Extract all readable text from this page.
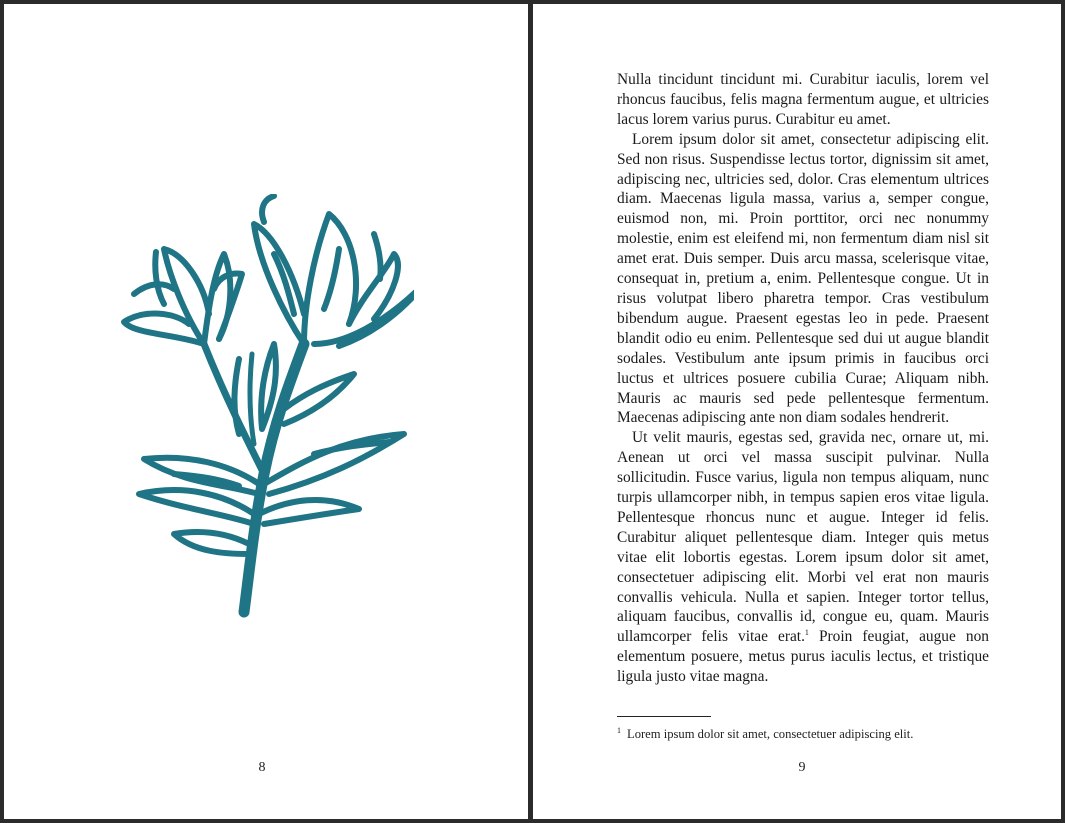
8

Nulla tincidunt tincidunt mi. Curabitur iaculis, lorem vel rhoncus faucibus, felis magna fermentum augue, et ultricies lacus lorem varius purus. Curabitur eu amet.

Lorem ipsum dolor sit amet, consectetur adipiscing elit. Sed non risus. Suspendisse lectus tortor, dignissim sit amet, adipiscing nec, ultricies sed, dolor. Cras elementum ultrices diam. Maecenas ligula massa, varius a, semper congue, euismod non, mi. Proin porttitor, orci nec nonummy molestie, enim est eleifend mi, non fermentum diam nisl sit amet erat. Duis semper. Duis arcu massa, scelerisque vitae, consequat in, pretium a, enim. Pellentesque congue. Ut in risus volutpat libero pharetra tempor. Cras vestibulum bibendum augue. Praesent egestas leo in pede. Praesent blandit odio eu enim. Pellentesque sed dui ut augue blandit sodales. Vestibulum ante ipsum primis in faucibus orci luctus et ultrices posuere cubilia Curae; Aliquam nibh. Mauris ac mauris sed pede pellentesque fermentum. Maecenas adipiscing ante non diam sodales hendrerit.

Ut velit mauris, egestas sed, gravida nec, ornare ut, mi. Aenean ut orci vel massa suscipit pulvinar. Nulla sollicitudin. Fusce varius, ligula non tempus aliquam, nunc turpis ullamcorper nibh, in tempus sapien eros vitae ligula. Pellentesque rhoncus nunc et augue. Integer id felis. Curabitur aliquet pellentesque diam. Integer quis metus vitae elit lobortis egestas. Lorem ipsum dolor sit amet, consectetuer adipiscing elit. Morbi vel erat non mauris convallis vehicula. Nulla et sapien. Integer tortor tellus, aliquam faucibus, convallis id, congue eu, quam. Mauris ullamcorper felis vitae erat.$^1$ Proin feugiat, augue non elementum posuere, metus purus iaculis lectus, et tristique ligula justo vitae magna.

$^1$ Lorem ipsum dolor sit amet, consectetuer adipiscing elit.
9
